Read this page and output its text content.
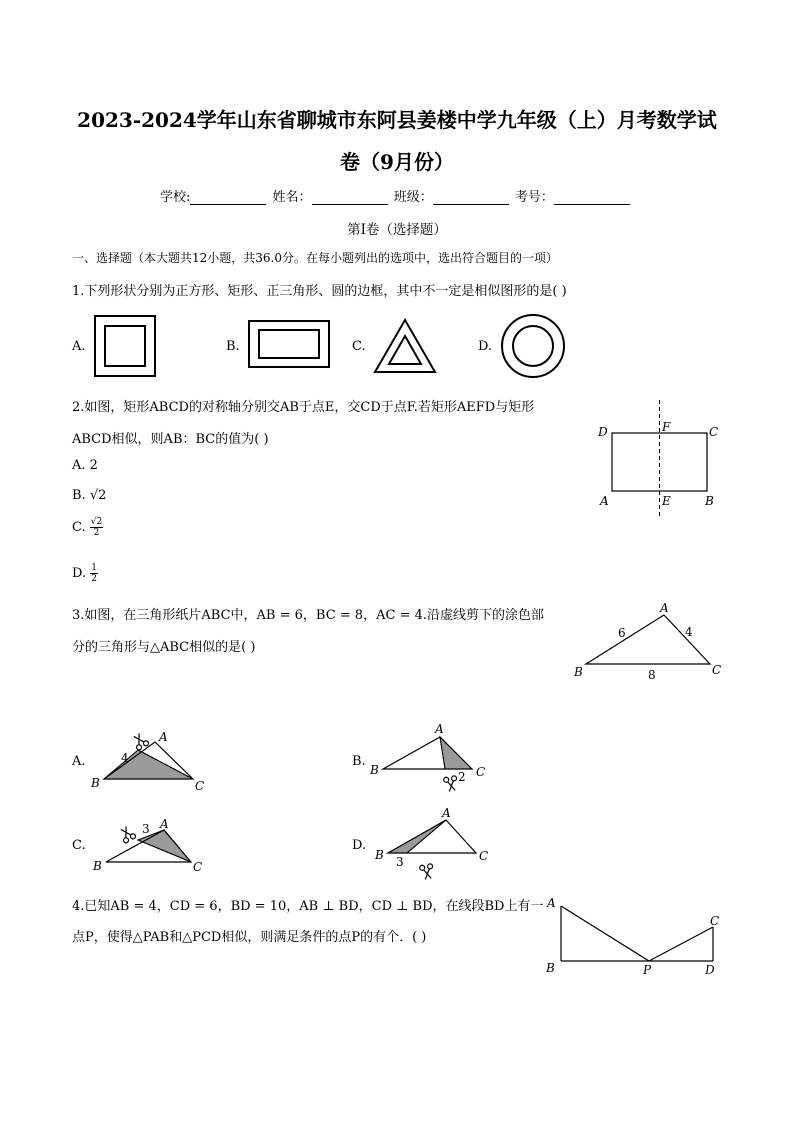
2023-2024学年山东省聊城市东阿县姜楼中学九年级（上）月考数学试
卷（9月份）
学校:	姓名：	班级：	考号：
第Ⅰ卷（选择题）
一、选择题（本大题共12小题，共36.0分。在每小题列出的选项中，选出符合题目的一项）
1.下列形状分别为正方形、矩形、正三角形、圆的边框，其中不一定是相似图形的是( )
A.	B.	C.	D.
D	F	C
A	E	B
A
B	C
6	4
8
A
B	C
4
A
B	C
2
A
B	C
3
A
B	C
3
A
B	P
C
D
2.如图，矩形ABCD的对称轴分别交AB于点E，交CD于点F.若矩形AEFD与矩形
ABCD相似，则AB：BC的值为( )
A. 2
B. √2
C. $\frac{√2}{2}$
D. $\frac{1}{2}$
3.如图，在三角形纸片ABC中，AB = 6，BC = 8，AC = 4.沿虚线剪下的涂色部
分的三角形与△ABC相似的是( )
A.	B.
C.	D.
4.已知AB = 4，CD = 6，BD = 10，AB ⊥ BD，CD ⊥ BD，在线段BD上有一
点P，使得△PAB和△PCD相似，则满足条件的点P的有个．( )
